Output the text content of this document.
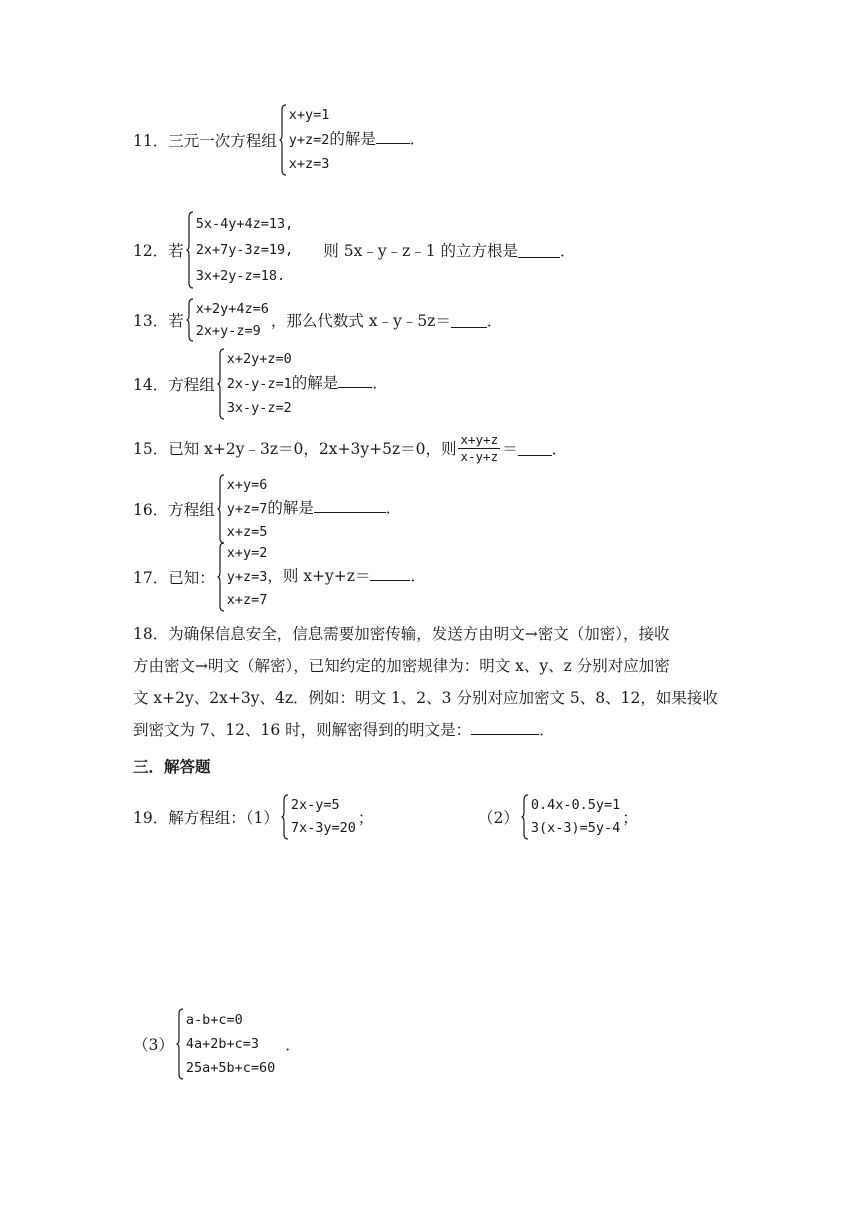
11． 三元一次方程组
x+y=1
y+z=2的解是 ．
x+z=3
12． 若
5x-4y+4z=13,
2x+7y-3z=19,
3x+2y-z=18.
则 5x﹣y﹣z﹣1 的立方根是	．
13． 若
x+2y+4z=6
2x+y-z=9
，那么代数式 x﹣y﹣5z＝ ．
14． 方程组
x+2y+z=0
2x-y-z=1的解是 ．
3x-y-z=2
15． 已知 x+2y﹣3z＝0，2x+3y+5z＝0，则 $\frac{x+y+z}{x-y+z}$ ＝ ．
16． 方程组
x+y=6
y+z=7的解是	．
x+z=5
17． 已知：
x+y=2
y+z=3，则 x+y+z＝	．
x+z=7
18．为确保信息安全，信息需要加密传输，发送方由明文→密文（加密），接收
方由密文→明文（解密），已知约定的加密规律为：明文 x、y、z 分别对应加密
文 x+2y、2x+3y、4z．例如：明文 1、2、3 分别对应加密文 5、8、12，如果接收
到密文为 7、12、16 时，则解密得到的明文是：	．
三．解答题
19． 解方程组：（1）
2x-y=5
7x-3y=20
；	（2）
0.4x-0.5y=1
3(x-3)=5y-4
；
（3）
a-b+c=0
4a+2b+c=3
25a+5b+c=60
．
